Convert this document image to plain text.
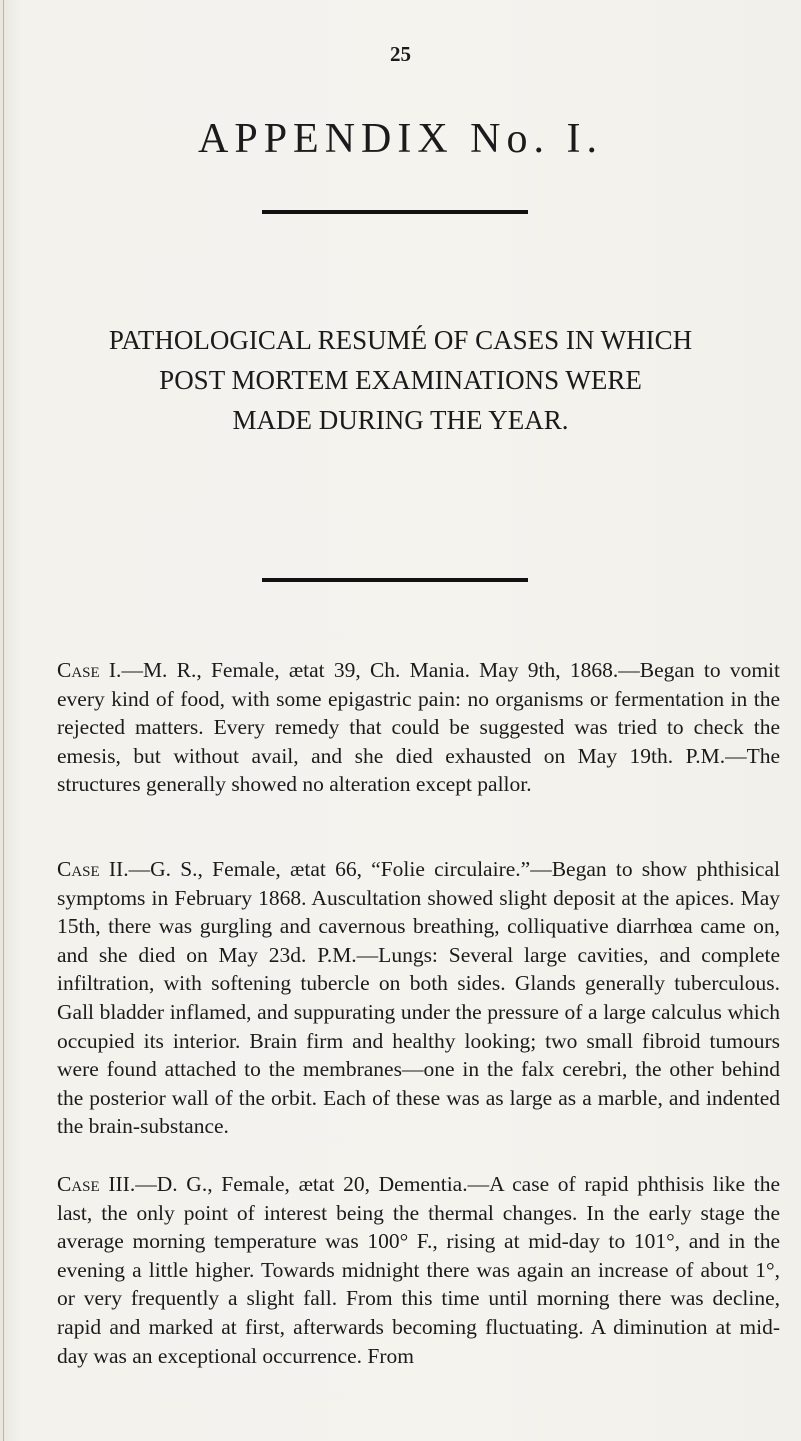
25
APPENDIX No. I.
PATHOLOGICAL RESUMÉ OF CASES IN WHICH
POST MORTEM EXAMINATIONS WERE
MADE DURING THE YEAR.

Case I.—M. R., Female, ætat 39, Ch. Mania. May 9th, 1868.—Began to vomit every kind of food, with some epigastric pain: no organisms or fermentation in the rejected matters. Every remedy that could be suggested was tried to check the emesis, but without avail, and she died exhausted on May 19th. P.M.—The structures generally showed no alteration except pallor.

Case II.—G. S., Female, ætat 66, “Folie circulaire.”—Began to show phthisical symptoms in February 1868. Auscultation showed slight deposit at the apices. May 15th, there was gurgling and cavernous breathing, colliquative diarrhœa came on, and she died on May 23d. P.M.—Lungs: Several large cavities, and complete infiltration, with softening tubercle on both sides. Glands generally tuberculous. Gall bladder inflamed, and suppurating under the pressure of a large calculus which occupied its interior. Brain firm and healthy looking; two small fibroid tumours were found attached to the membranes—one in the falx cerebri, the other behind the posterior wall of the orbit. Each of these was as large as a marble, and indented the brain-substance.

Case III.—D. G., Female, ætat 20, Dementia.—A case of rapid phthisis like the last, the only point of interest being the thermal changes. In the early stage the average morning temperature was 100° F., rising at mid-day to 101°, and in the evening a little higher. Towards midnight there was again an increase of about 1°, or very frequently a slight fall. From this time until morning there was decline, rapid and marked at first, afterwards becoming fluctuating. A diminution at mid-day was an exceptional occurrence. From
